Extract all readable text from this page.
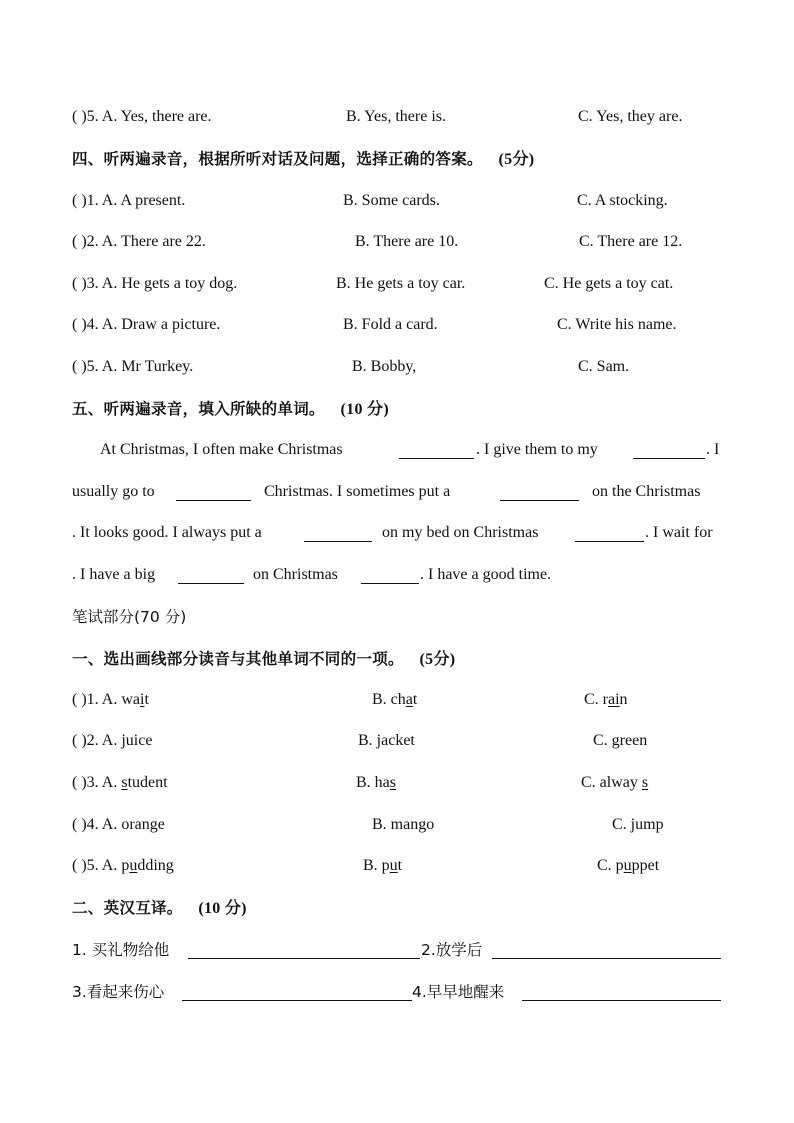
( )5. A. Yes, there are.	B. Yes, there is.	C. Yes, they are.
四、听两遍录音，根据所听对话及问题，选择正确的答案。 (5分)
( )1. A. A present.	B. Some cards.	C. A stocking.
( )2. A. There are 22.	B. There are 10.	C. There are 12.
( )3. A. He gets a toy dog.	B. He gets a toy car.	C. He gets a toy cat.
( )4. A. Draw a picture.	B. Fold a card.	C. Write his name.
( )5. A. Mr Turkey.	B. Bobby,	C. Sam.
五、听两遍录音，填入所缺的单词。 (10 分)
At Christmas, I often make Christmas	. I give them to my	. I
usually go to	Christmas. I sometimes put a	on the Christmas
. It looks good. I always put a	on my bed on Christmas	. I wait for
. I have a big	on Christmas	. I have a good time.
笔试部分(70 分)
一、选出画线部分读音与其他单词不同的一项。 (5分)
( )1. A. wait	B. chat	C. rain
( )2. A. juice	B. jacket	C. green
( )3. A. student	B. has	C. alway s
( )4. A. orange	B. mango	C. jump
( )5. A. pudding	B. put	C. puppet
二、英汉互译。 (10 分)
1. 买礼物给他	2.放学后
3.看起来伤心	4.早早地醒来
